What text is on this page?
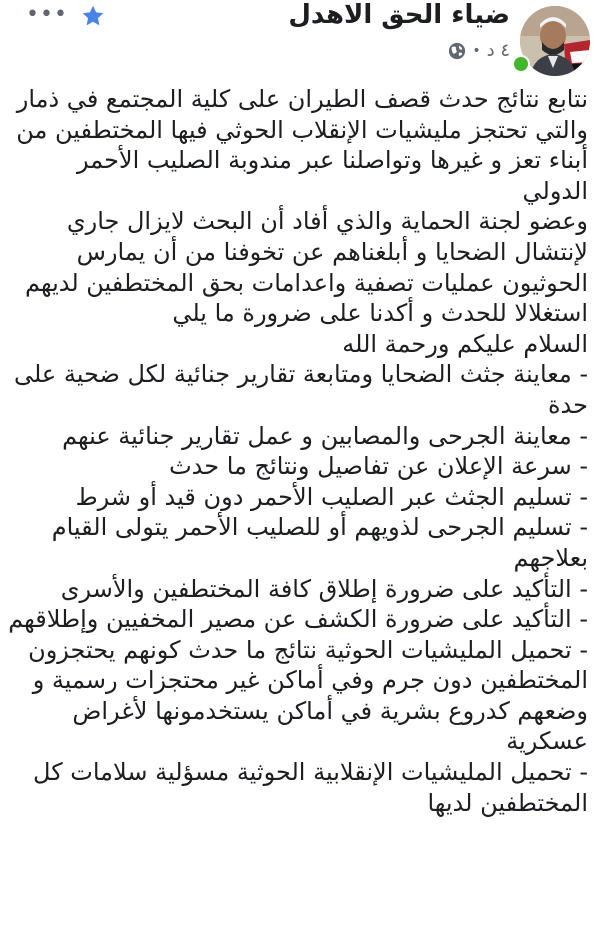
•••	ضياء الحق الاهدل
٤ د
•

نتابع نتائج حدث قصف الطيران على كلية المجتمع في ذمار والتي تحتجز مليشيات الإنقلاب الحوثي فيها المختطفين من أبناء تعز و غيرها وتواصلنا عبر مندوبة الصليب الأحمر الدولي

وعضو لجنة الحماية والذي أفاد أن البحث لايزال جاري لإنتشال الضحايا و أبلغناهم عن تخوفنا من أن يمارس الحوثيون عمليات تصفية واعدامات بحق المختطفين لديهم استغلالا للحدث و أكدنا على ضرورة ما يلي

السلام عليكم ورحمة الله

- معاينة جثث الضحايا ومتابعة تقارير جنائية لكل ضحية على حدة

- معاينة الجرحى والمصابين و عمل تقارير جنائية عنهم

- سرعة الإعلان عن تفاصيل ونتائج ما حدث

- تسليم الجثث عبر الصليب الأحمر دون قيد أو شرط

- تسليم الجرحى لذويهم أو للصليب الأحمر يتولى القيام بعلاجهم

- التأكيد على ضرورة إطلاق كافة المختطفين والأسرى

- التأكيد على ضرورة الكشف عن مصير المخفيين وإطلاقهم

- تحميل المليشيات الحوثية نتائج ما حدث كونهم يحتجزون المختطفين دون جرم وفي أماكن غير محتجزات رسمية و وضعهم كدروع بشرية في أماكن يستخدمونها لأغراض عسكرية

- تحميل المليشيات الإنقلابية الحوثية مسؤلية سلامات كل المختطفين لديها
